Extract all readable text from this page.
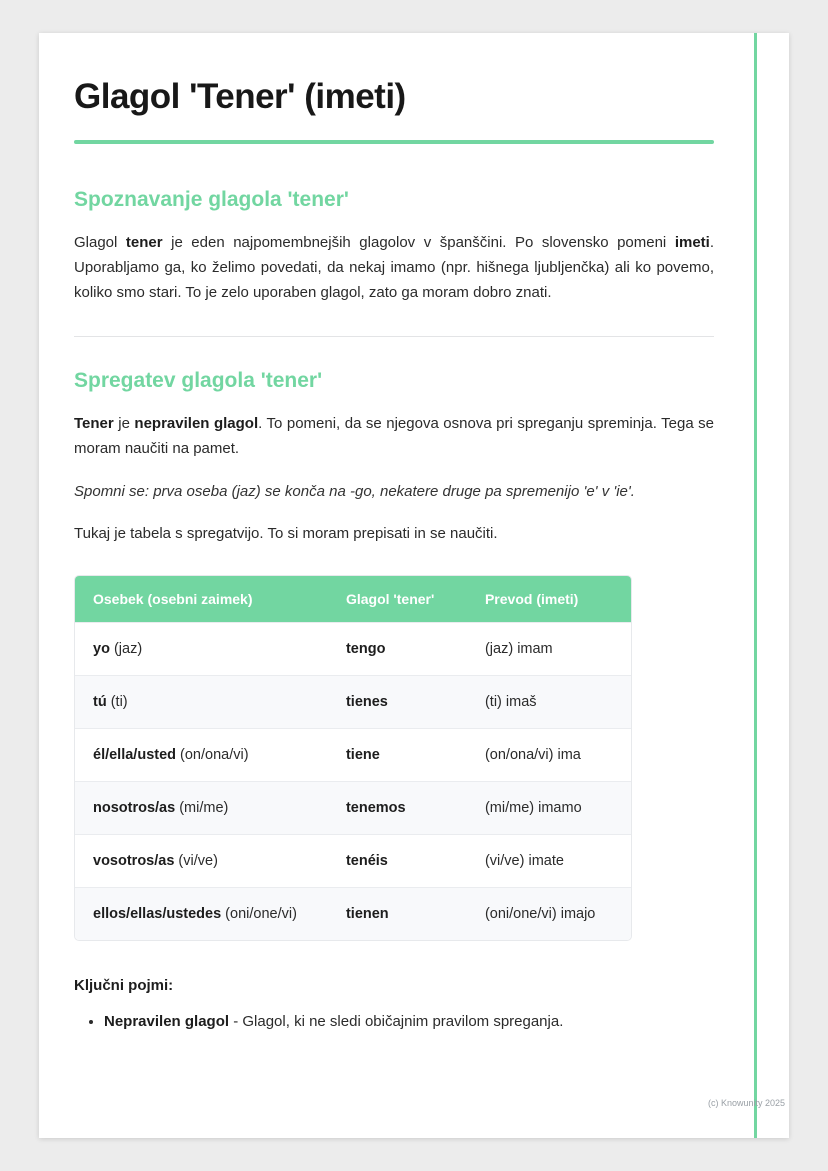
Glagol 'Tener' (imeti)
Spoznavanje glagola 'tener'

Glagol tener je eden najpomembnejših glagolov v španščini. Po slovensko pomeni imeti. Uporabljamo ga, ko želimo povedati, da nekaj imamo (npr. hišnega ljubljenčka) ali ko povemo, koliko smo stari. To je zelo uporaben glagol, zato ga moram dobro znati.

Spregatev glagola 'tener'

Tener je nepravilen glagol. To pomeni, da se njegova osnova pri spreganju spreminja. Tega se moram naučiti na pamet.

Spomni se: prva oseba (jaz) se konča na -go, nekatere druge pa spremenijo 'e' v 'ie'.

Tukaj je tabela s spregatvijo. To si moram prepisati in se naučiti.

Osebek (osebni zaimek)	Glagol 'tener'	Prevod (imeti)
yo (jaz)	tengo	(jaz) imam
tú (ti)	tienes	(ti) imaš
él/ella/usted (on/ona/vi)	tiene	(on/ona/vi) ima
nosotros/as (mi/me)	tenemos	(mi/me) imamo
vosotros/as (vi/ve)	tenéis	(vi/ve) imate
ellos/ellas/ustedes (oni/one/vi)	tienen	(oni/one/vi) imajo

Ključni pojmi:

• Nepravilen glagol - Glagol, ki ne sledi običajnim pravilom spreganja.
(c) Knowunity 2025
